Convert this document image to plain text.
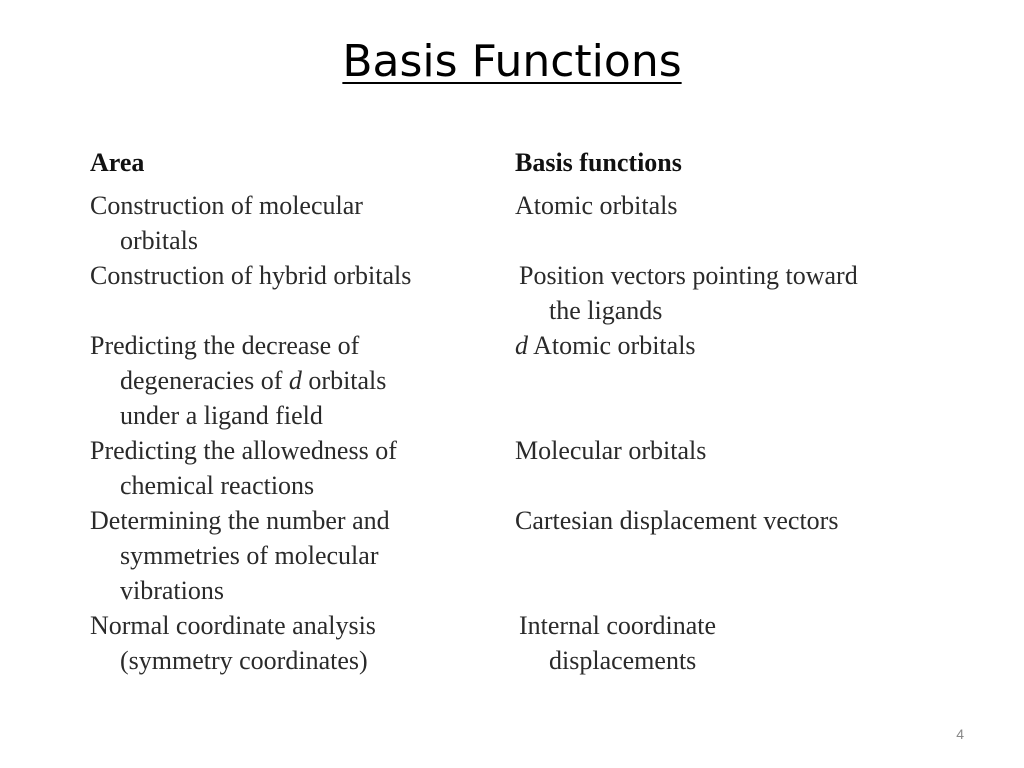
Basis Functions
Area	Basis functions
Construction of molecular
orbitals
Atomic orbitals
Construction of hybrid orbitals	Position vectors pointing toward
the ligands
Predicting the decrease of
degeneracies of d orbitals
under a ligand field
d Atomic orbitals
Predicting the allowedness of
chemical reactions
Molecular orbitals
Determining the number and
symmetries of molecular
vibrations
Cartesian displacement vectors
Normal coordinate analysis
(symmetry coordinates)
Internal coordinate
displacements
4
